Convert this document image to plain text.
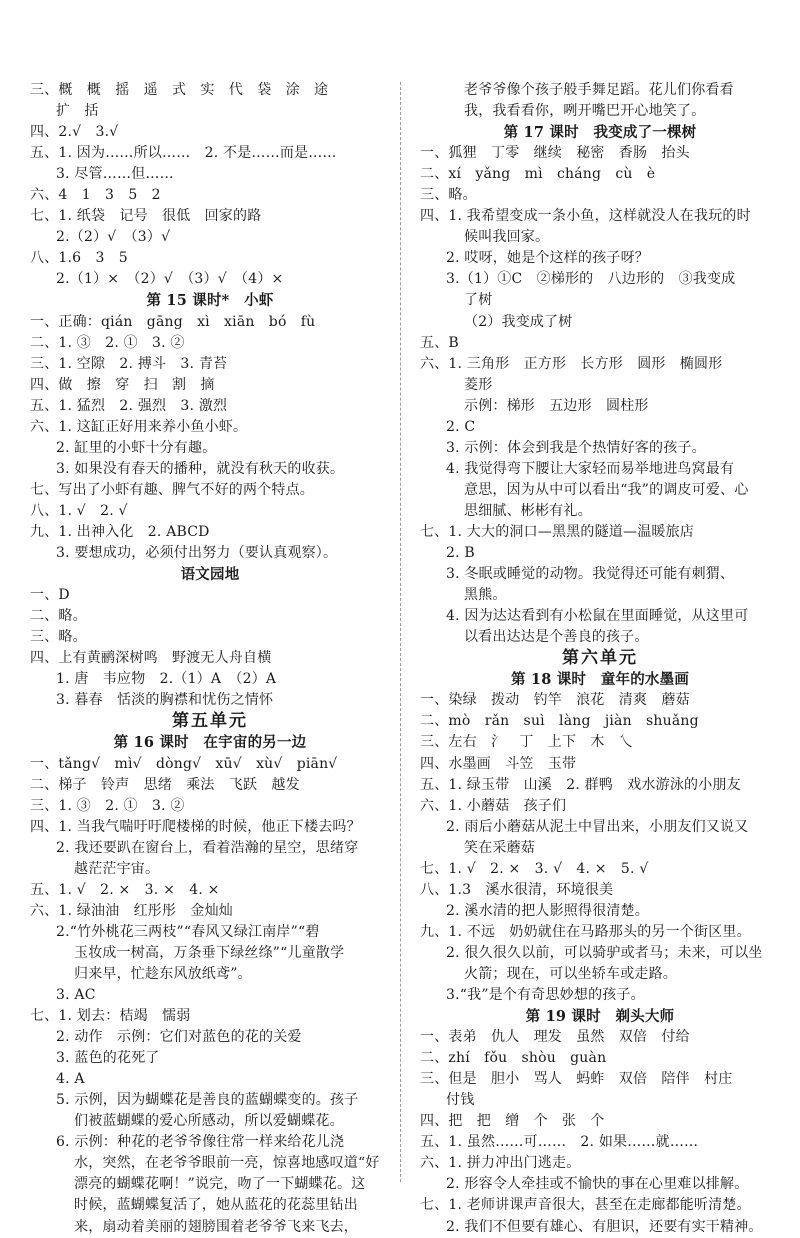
三、概　概　摇　遥　式　实　代　袋　涂　途
扩　括
四、2.√　3.√
五、1. 因为……所以……　2. 不是……而是……
3. 尽管……但……
六、4　1　3　5　2
七、1. 纸袋　记号　很低　回家的路
2.（2）√　（3）√
八、1.6　3　5
2.（1）×　（2）√　（3）√　（4）×
第 15 课时*　小虾
一、正确：qián　gāng　xì　xiān　bó　fù
二、1. ③　2. ①　3. ②
三、1. 空隙　2. 搏斗　3. 青苔
四、做　擦　穿　扫　割　摘
五、1. 猛烈　2. 强烈　3. 激烈
六、1. 这缸正好用来养小鱼小虾。
2. 缸里的小虾十分有趣。
3. 如果没有春天的播种，就没有秋天的收获。
七、写出了小虾有趣、脾气不好的两个特点。
八、1. √　2. √
九、1. 出神入化　2. ABCD
3. 要想成功，必须付出努力（要认真观察）。
语文园地
一、D
二、略。
三、略。
四、上有黄鹂深树鸣　野渡无人舟自横
1. 唐　韦应物　2.（1）A　（2）A
3. 暮春　恬淡的胸襟和忧伤之情怀
第五单元
第 16 课时　在宇宙的另一边
一、tǎng√　mì√　dòng√　xū√　xù√　piān√
二、梯子　铃声　思绪　乘法　飞跃　越发
三、1. ③　2. ①　3. ②
四、1. 当我气喘吁吁爬楼梯的时候，他正下楼去吗？
2. 我还要趴在窗台上，看着浩瀚的星空，思绪穿
越茫茫宇宙。
五、1. √　2. ×　3. ×　4. ×
六、1. 绿油油　红彤彤　金灿灿
2.“竹外桃花三两枝”“春风又绿江南岸”“碧
玉妆成一树高，万条垂下绿丝绦”“儿童散学
归来早，忙趁东风放纸鸢”。
3. AC
七、1. 划去：桔竭　懦弱
2. 动作　示例：它们对蓝色的花的关爱
3. 蓝色的花死了
4. A
5. 示例，因为蝴蝶花是善良的蓝蝴蝶变的。孩子
们被蓝蝴蝶的爱心所感动，所以爱蝴蝶花。
6. 示例：种花的老爷爷像往常一样来给花儿浇
水，突然，在老爷爷眼前一亮，惊喜地感叹道“好
漂亮的蝴蝶花啊！”说完，吻了一下蝴蝶花。这
时候，蓝蝴蝶复活了，她从蓝花的花蕊里钻出
来，扇动着美丽的翅膀围着老爷爷飞来飞去，
老爷爷像个孩子般手舞足蹈。花儿们你看看
我，我看看你，咧开嘴巴开心地笑了。
第 17 课时　我变成了一棵树
一、狐狸　丁零　继续　秘密　香肠　抬头
二、xí　yǎng　mì　cháng　cù　è
三、略。
四、1. 我希望变成一条小鱼，这样就没人在我玩的时
候叫我回家。
2. 哎呀，她是个这样的孩子呀？
3.（1）①C　②梯形的　八边形的　③我变成
了树
（2）我变成了树
五、B
六、1. 三角形　正方形　长方形　圆形　椭圆形
菱形
示例：梯形　五边形　圆柱形
2. C
3. 示例：体会到我是个热情好客的孩子。
4. 我觉得弯下腰让大家轻而易举地进鸟窝最有
意思，因为从中可以看出“我”的调皮可爱、心
思细腻、彬彬有礼。
七、1. 大大的洞口—黑黑的隧道—温暖旅店
2. B
3. 冬眠或睡觉的动物。我觉得还可能有刺猬、
黑熊。
4. 因为达达看到有小松鼠在里面睡觉，从这里可
以看出达达是个善良的孩子。
第六单元
第 18 课时　童年的水墨画
一、染绿　拨动　钓竿　浪花　清爽　蘑菇
二、mò　rǎn　suì　làng　jiàn　shuǎng
三、左右　氵　丁　上下　木　乀
四、水墨画　斗笠　玉带
五、1. 绿玉带　山溪　2. 群鸭　戏水游泳的小朋友
六、1. 小蘑菇　孩子们
2. 雨后小蘑菇从泥土中冒出来，小朋友们又说又
笑在采蘑菇
七、1. √　2. ×　3. √　4. ×　5. √
八、1.3　溪水很清，环境很美
2. 溪水清的把人影照得很清楚。
九、1. 不远　奶奶就住在马路那头的另一个街区里。
2. 很久很久以前，可以骑驴或者马；未来，可以坐
火箭；现在，可以坐轿车或走路。
3.“我”是个有奇思妙想的孩子。
第 19 课时　剃头大师
一、表弟　仇人　理发　虽然　双倍　付给
二、zhí　fǒu　shòu　guàn
三、但是　胆小　骂人　蚂蚱　双倍　陪伴　村庄
付钱
四、把　把　缯　个　张　个
五、1. 虽然……可……　2. 如果……就……
六、1. 拼力冲出门逃走。
2. 形容令人牵挂或不愉快的事在心里难以排解。
七、1. 老师讲课声音很大，甚至在走廊都能听清楚。
2. 我们不但要有雄心、有胆识，还要有实干精神。
